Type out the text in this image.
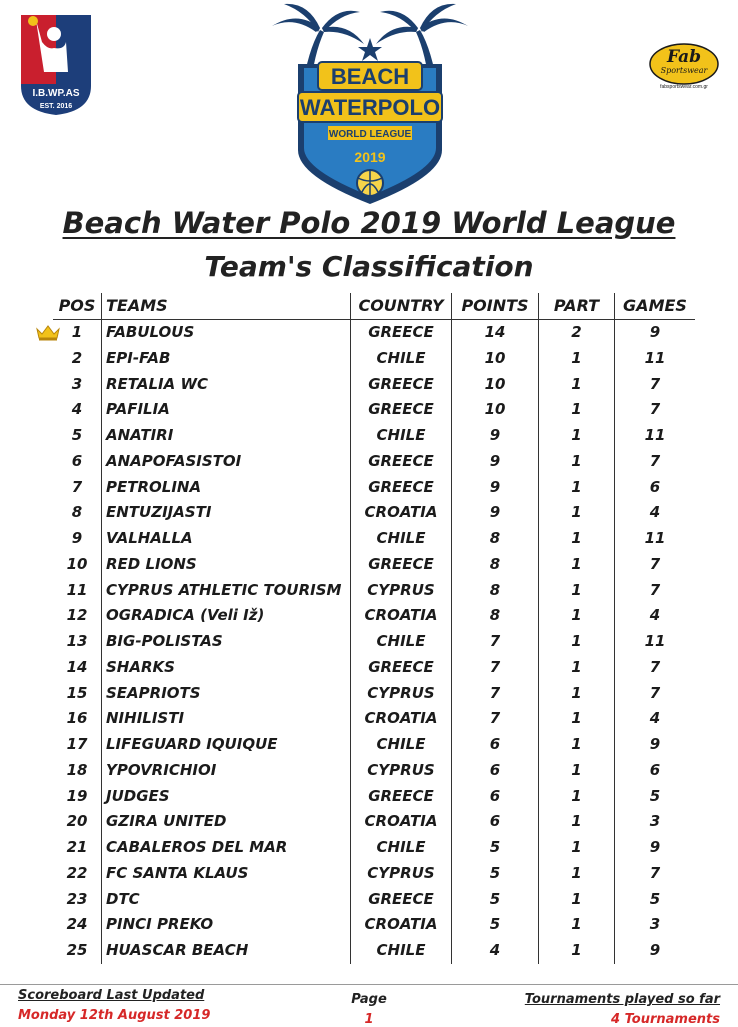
I.B.WP.AS
EST. 2016
BEACH
WATERPOLO
WORLD LEAGUE
2019
Fab
Sportswear
fabsportswear.com.gr
Beach Water Polo 2019 World League
Team's Classification
POS	TEAMS	COUNTRY	POINTS	PART	GAMES
1	FABULOUS	GREECE	14	2	9
2	EPI-FAB	CHILE	10	1	11
3	RETALIA WC	GREECE	10	1	7
4	PAFILIA	GREECE	10	1	7
5	ANATIRI	CHILE	9	1	11
6	ANAPOFASISTOI	GREECE	9	1	7
7	PETROLINA	GREECE	9	1	6
8	ENTUZIJASTI	CROATIA	9	1	4
9	VALHALLA	CHILE	8	1	11
10	RED LIONS	GREECE	8	1	7
11	CYPRUS ATHLETIC TOURISM	CYPRUS	8	1	7
12	OGRADICA (Veli Iž)	CROATIA	8	1	4
13	BIG-POLISTAS	CHILE	7	1	11
14	SHARKS	GREECE	7	1	7
15	SEAPRIOTS	CYPRUS	7	1	7
16	NIHILISTI	CROATIA	7	1	4
17	LIFEGUARD IQUIQUE	CHILE	6	1	9
18	YPOVRICHIOI	CYPRUS	6	1	6
19	JUDGES	GREECE	6	1	5
20	GZIRA UNITED	CROATIA	6	1	3
21	CABALEROS DEL MAR	CHILE	5	1	9
22	FC SANTA KLAUS	CYPRUS	5	1	7
23	DTC	GREECE	5	1	5
24	PINCI PREKO	CROATIA	5	1	3
25	HUASCAR BEACH	CHILE	4	1	9
Scoreboard Last Updated
Monday 12th August 2019
Page
1
Tournaments played so far
4 Tournaments
